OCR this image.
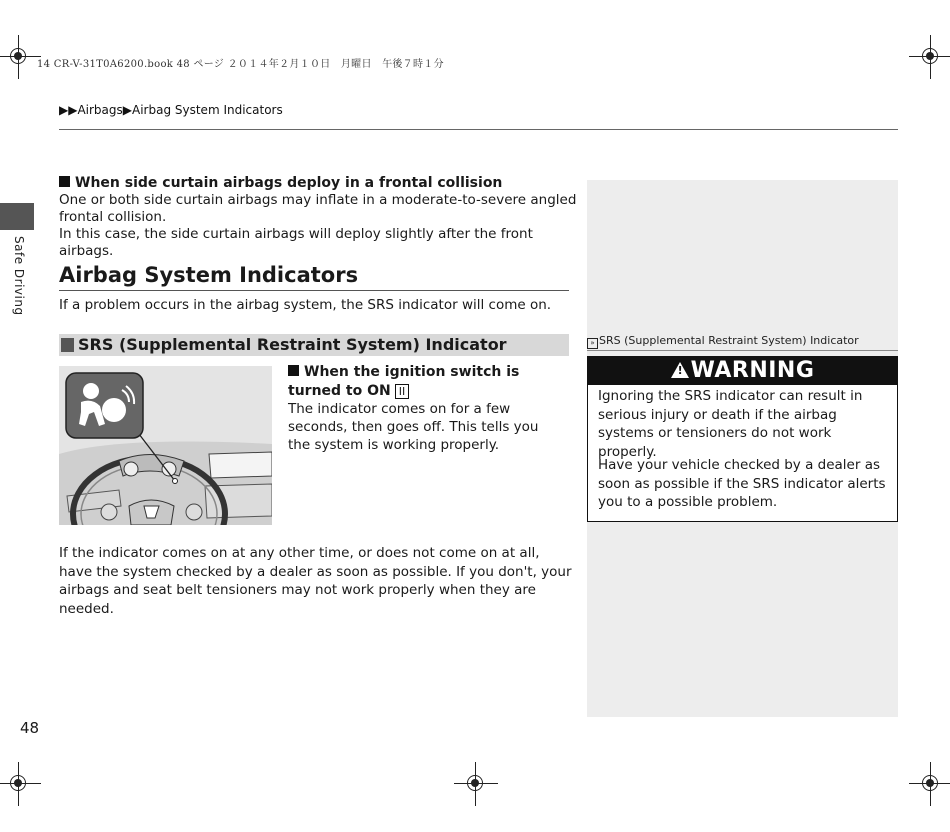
14 CR-V-31T0A6200.book 48 ページ ２０１４年２月１０日　月曜日　午後７時１分
▶▶Airbags▶Airbag System Indicators
Safe Driving
When side curtain airbags deploy in a frontal collision
One or both side curtain airbags may inflate in a moderate-to-severe angled frontal collision.
In this case, the side curtain airbags will deploy slightly after the front airbags.
Airbag System Indicators
If a problem occurs in the airbag system, the SRS indicator will come on.
SRS (Supplemental Restraint System) Indicator
When the ignition switch is turned to ON II
The indicator comes on for a few seconds, then goes off. This tells you the system is working properly.
If the indicator comes on at any other time, or does not come on at all, have the system checked by a dealer as soon as possible. If you don't, your airbags and seat belt tensioners may not work properly when they are needed.
48
» SRS (Supplemental Restraint System) Indicator
! WARNING
Ignoring the SRS indicator can result in serious injury or death if the airbag systems or tensioners do not work properly.
Have your vehicle checked by a dealer as soon as possible if the SRS indicator alerts you to a possible problem.
